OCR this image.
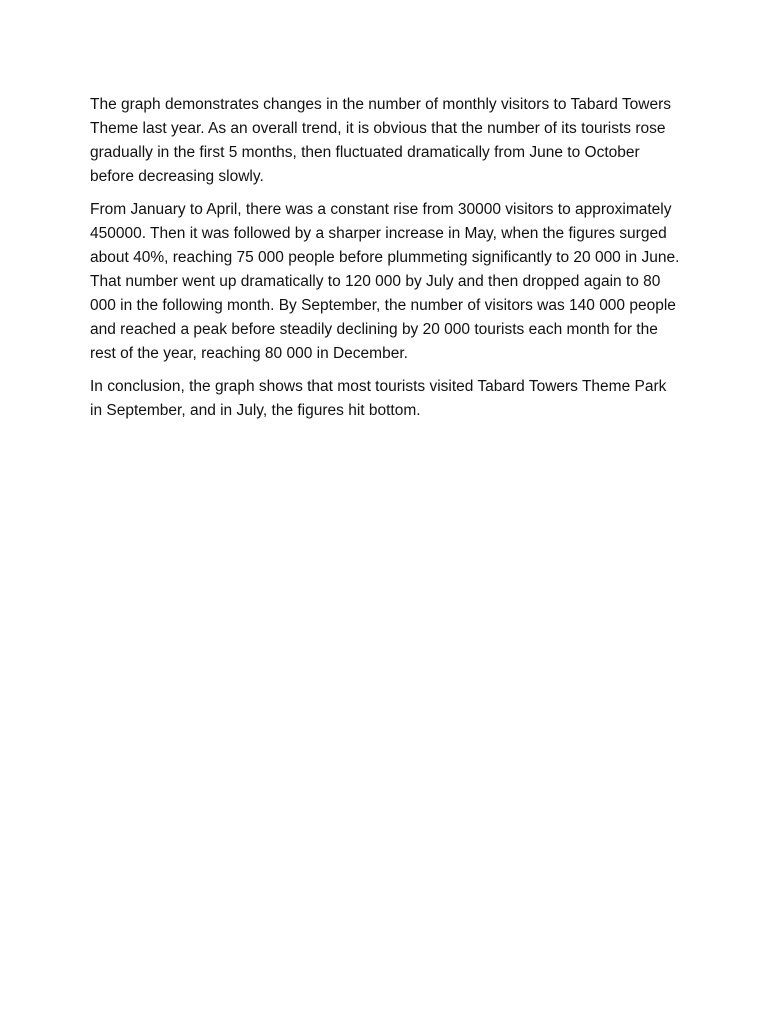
The graph demonstrates changes in the number of monthly visitors to Tabard Towers Theme last year. As an overall trend, it is obvious that the number of its tourists rose gradually in the first 5 months, then fluctuated dramatically from June to October before decreasing slowly.

From January to April, there was a constant rise from 30000 visitors to approximately 450000. Then it was followed by a sharper increase in May, when the figures surged about 40%, reaching 75 000 people before plummeting significantly to 20 000 in June. That number went up dramatically to 120 000 by July and then dropped again to 80 000 in the following month. By September, the number of visitors was 140 000 people and reached a peak before steadily declining by 20 000 tourists each month for the rest of the year, reaching 80 000 in December.

In conclusion, the graph shows that most tourists visited Tabard Towers Theme Park in September, and in July, the figures hit bottom.
